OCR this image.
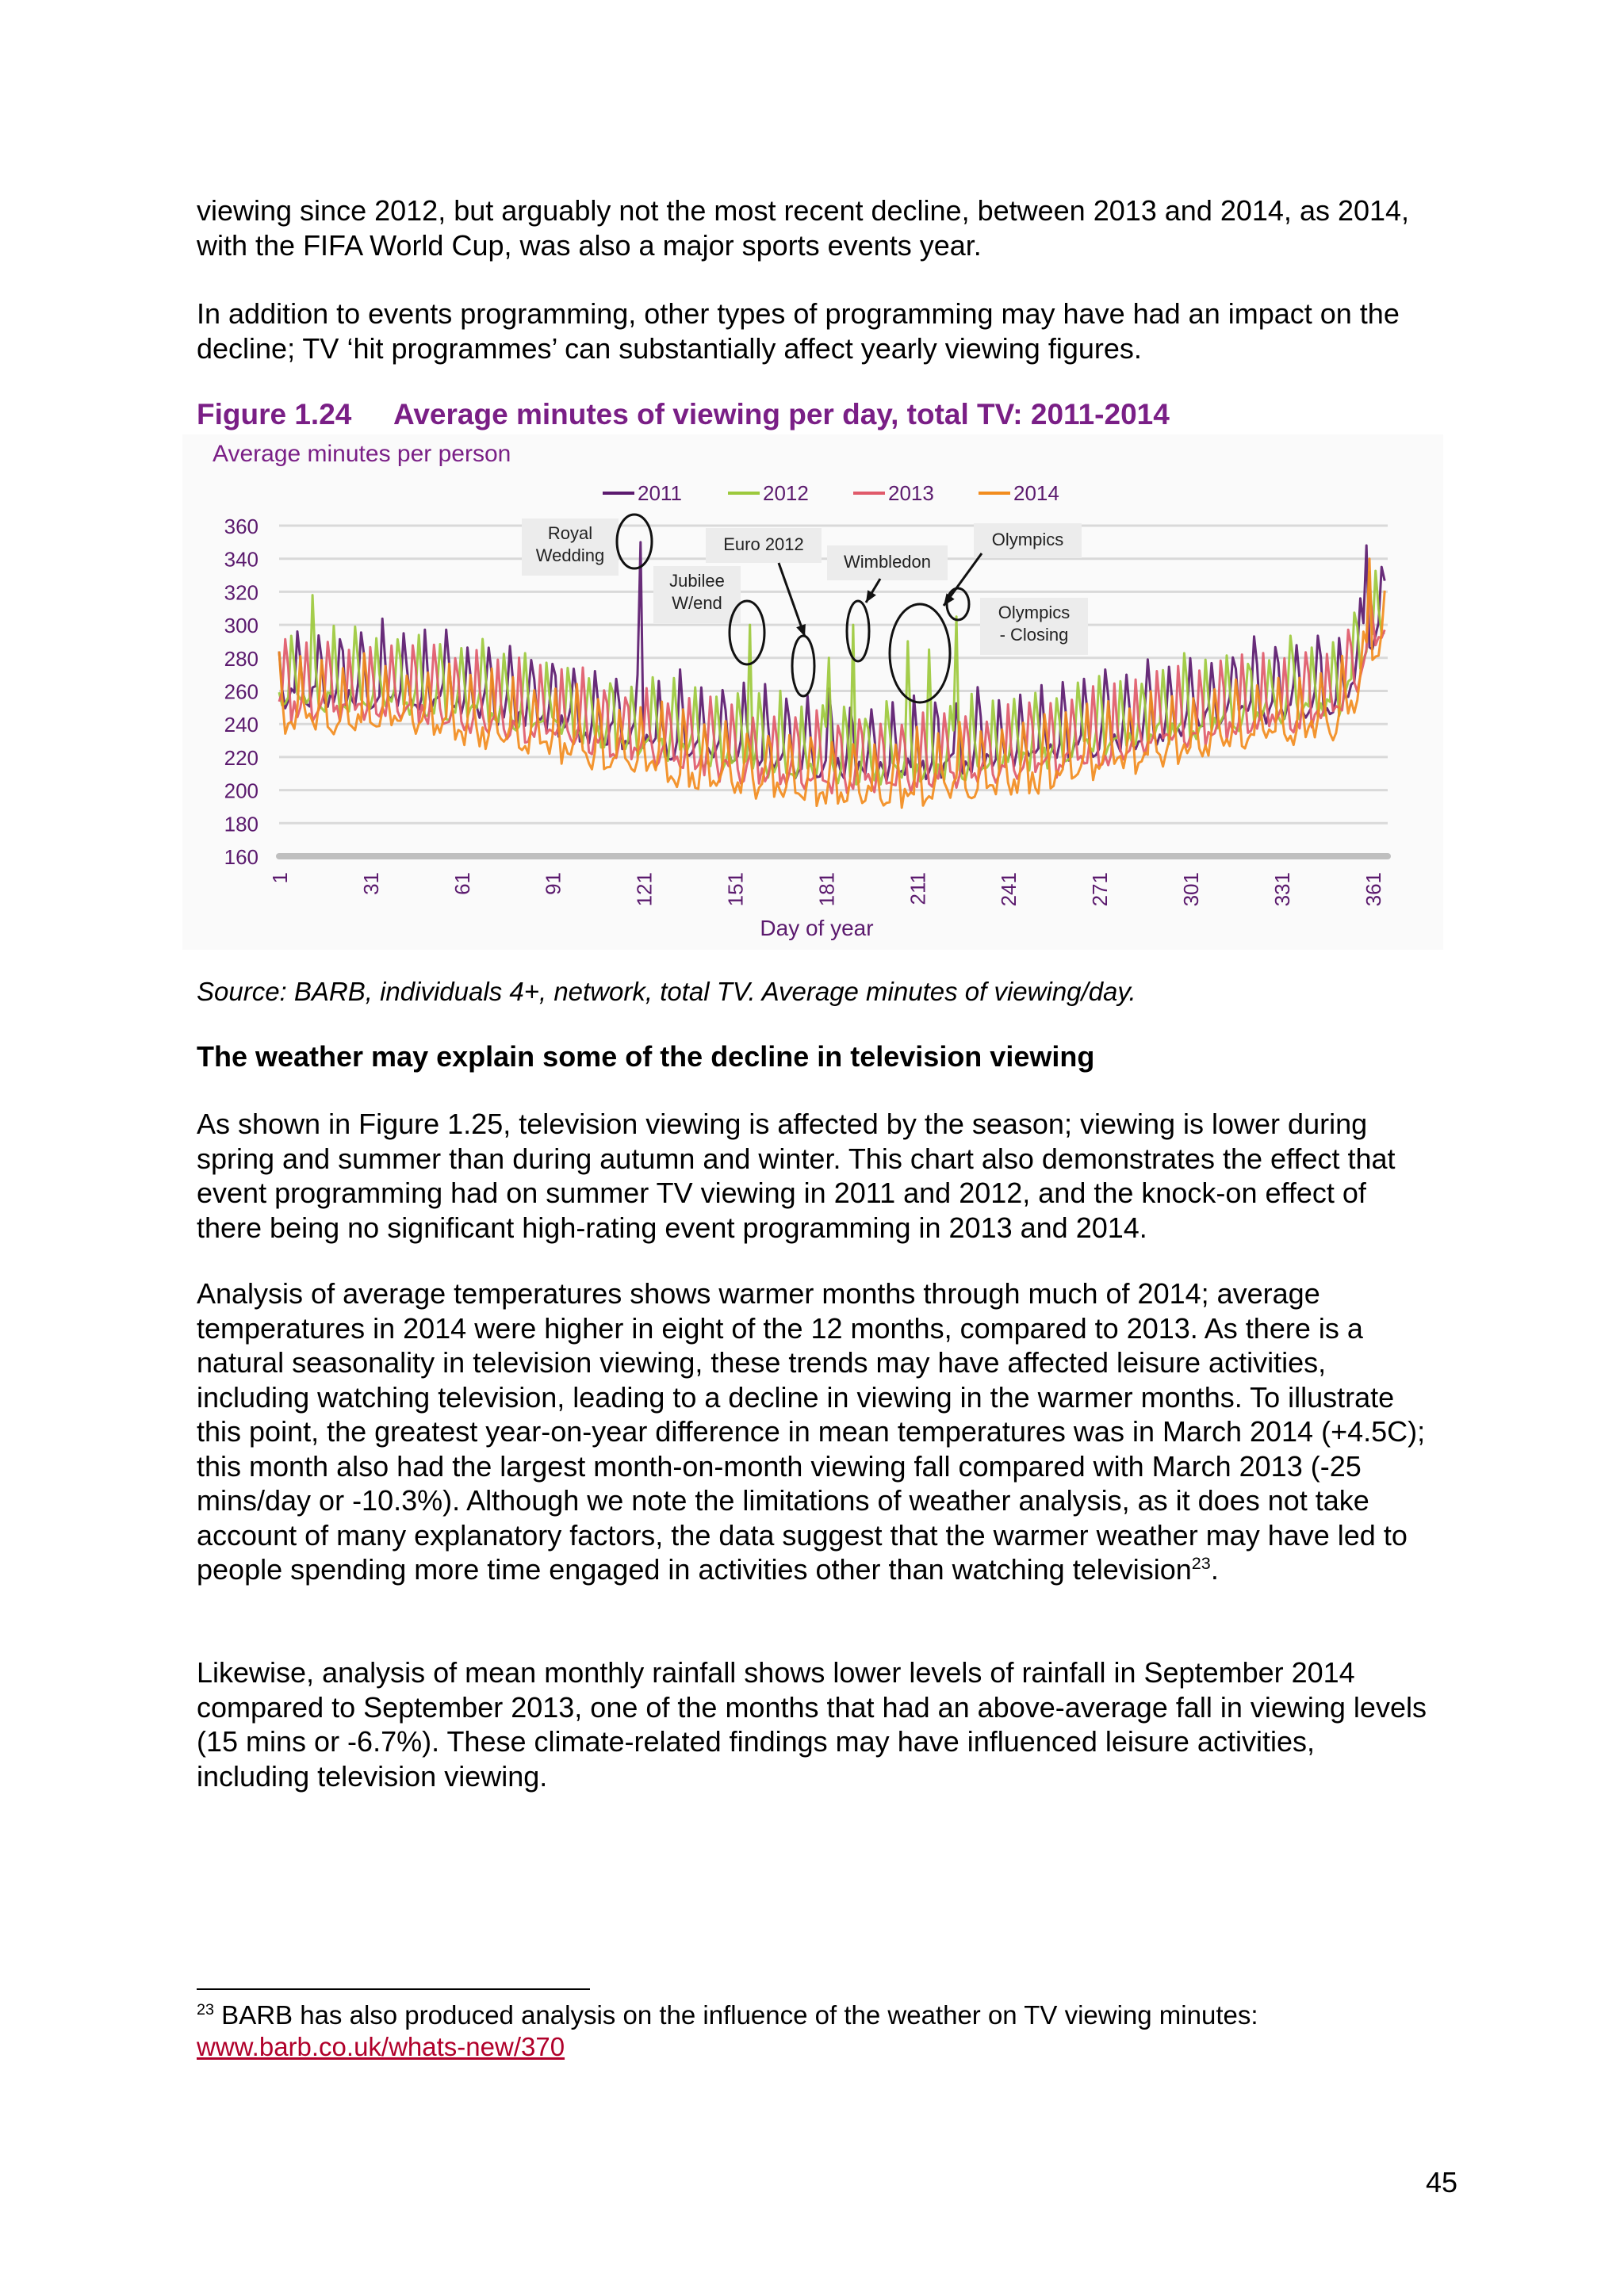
viewing since 2012, but arguably not the most recent decline, between 2013 and 2014, as 2014, with the FIFA World Cup, was also a major sports events year.

In addition to events programming, other types of programming may have had an impact on the decline; TV ‘hit programmes’ can substantially affect yearly viewing figures.

Figure 1.24 Average minutes of viewing per day, total TV: 2011-2014

160
180
200
220
240
260
280
300
320
340
360
1	31	61	91	121	151	181	211	241	271	301	331	361
Royal
Wedding
Jubilee
W/end
Euro 2012
Wimbledon
Olympics
Olympics
- Closing
2011	2012	2013	2014
Average minutes per person
Day of year

Source: BARB, individuals 4+, network, total TV. Average minutes of viewing/day.

The weather may explain some of the decline in television viewing

As shown in Figure 1.25, television viewing is affected by the season; viewing is lower during spring and summer than during autumn and winter. This chart also demonstrates the effect that event programming had on summer TV viewing in 2011 and 2012, and the knock-on effect of there being no significant high-rating event programming in 2013 and 2014.

Analysis of average temperatures shows warmer months through much of 2014; average temperatures in 2014 were higher in eight of the 12 months, compared to 2013. As there is a natural seasonality in television viewing, these trends may have affected leisure activities, including watching television, leading to a decline in viewing in the warmer months. To illustrate this point, the greatest year-on-year difference in mean temperatures was in March 2014 (+4.5C); this month also had the largest month-on-month viewing fall compared with March 2013 (-25 mins/day or -10.3%). Although we note the limitations of weather analysis, as it does not take account of many explanatory factors, the data suggest that the warmer weather may have led to people spending more time engaged in activities other than watching television$^{23}$.

Likewise, analysis of mean monthly rainfall shows lower levels of rainfall in September 2014 compared to September 2013, one of the months that had an above-average fall in viewing levels (15 mins or -6.7%). These climate-related findings may have influenced leisure activities, including television viewing.

$^{23}$ BARB has also produced analysis on the influence of the weather on TV viewing minutes:
www.barb.co.uk/whats-new/370

45
